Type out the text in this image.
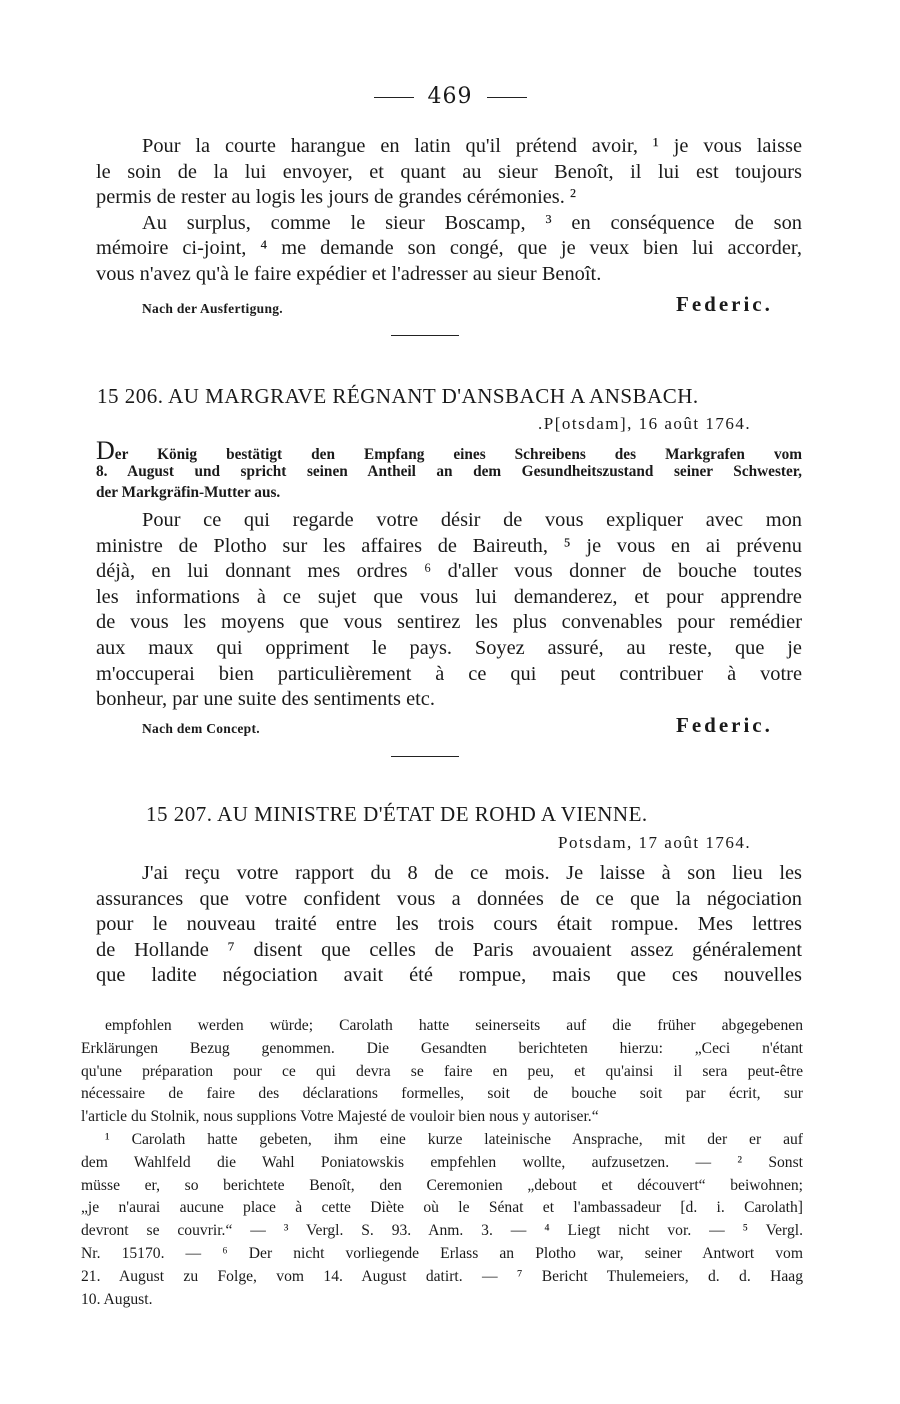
469
Pour la courte harangue en latin qu'il prétend avoir, ¹ je vous laisse
le soin de la lui envoyer, et quant au sieur Benoît, il lui est toujours
permis de rester au logis les jours de grandes cérémonies. ²
Au surplus, comme le sieur Boscamp, ³ en conséquence de son
mémoire ci-joint, ⁴ me demande son congé, que je veux bien lui accorder,
vous n'avez qu'à le faire expédier et l'adresser au sieur Benoît.
Nach der Ausfertigung.	Federic.
15 206. AU MARGRAVE RÉGNANT D'ANSBACH A ANSBACH.
.P[otsdam], 16 août 1764.
Der König bestätigt den Empfang eines Schreibens des Markgrafen vom
8. August und spricht seinen Antheil an dem Gesundheitszustand seiner Schwester,
der Markgräfin-Mutter aus.
Pour ce qui regarde votre désir de vous expliquer avec mon
ministre de Plotho sur les affaires de Baireuth, ⁵ je vous en ai prévenu
déjà, en lui donnant mes ordres ⁶ d'aller vous donner de bouche toutes
les informations à ce sujet que vous lui demanderez, et pour apprendre
de vous les moyens que vous sentirez les plus convenables pour remédier
aux maux qui oppriment le pays. Soyez assuré, au reste, que je
m'occuperai bien particulièrement à ce qui peut contribuer à votre
bonheur, par une suite des sentiments etc.
Nach dem Concept.	Federic.
15 207. AU MINISTRE D'ÉTAT DE ROHD A VIENNE.
Potsdam, 17 août 1764.
J'ai reçu votre rapport du 8 de ce mois. Je laisse à son lieu les
assurances que votre confident vous a données de ce que la négociation
pour le nouveau traité entre les trois cours était rompue. Mes lettres
de Hollande ⁷ disent que celles de Paris avouaient assez généralement
que ladite négociation avait été rompue, mais que ces nouvelles
empfohlen werden würde; Carolath hatte seinerseits auf die früher abgegebenen
Erklärungen Bezug genommen. Die Gesandten berichteten hierzu: „Ceci n'étant
qu'une préparation pour ce qui devra se faire en peu, et qu'ainsi il sera peut-être
nécessaire de faire des déclarations formelles, soit de bouche soit par écrit, sur
l'article du Stolnik, nous supplions Votre Majesté de vouloir bien nous y autoriser.“
¹ Carolath hatte gebeten, ihm eine kurze lateinische Ansprache, mit der er auf
dem Wahlfeld die Wahl Poniatowskis empfehlen wollte, aufzusetzen. — ² Sonst
müsse er, so berichtete Benoît, den Ceremonien „debout et découvert“ beiwohnen;
„je n'aurai aucune place à cette Diète où le Sénat et l'ambassadeur [d. i. Carolath]
devront se couvrir.“ — ³ Vergl. S. 93. Anm. 3. — ⁴ Liegt nicht vor. — ⁵ Vergl.
Nr. 15170. — ⁶ Der nicht vorliegende Erlass an Plotho war, seiner Antwort vom
21. August zu Folge, vom 14. August datirt. — ⁷ Bericht Thulemeiers, d. d. Haag
10. August.
